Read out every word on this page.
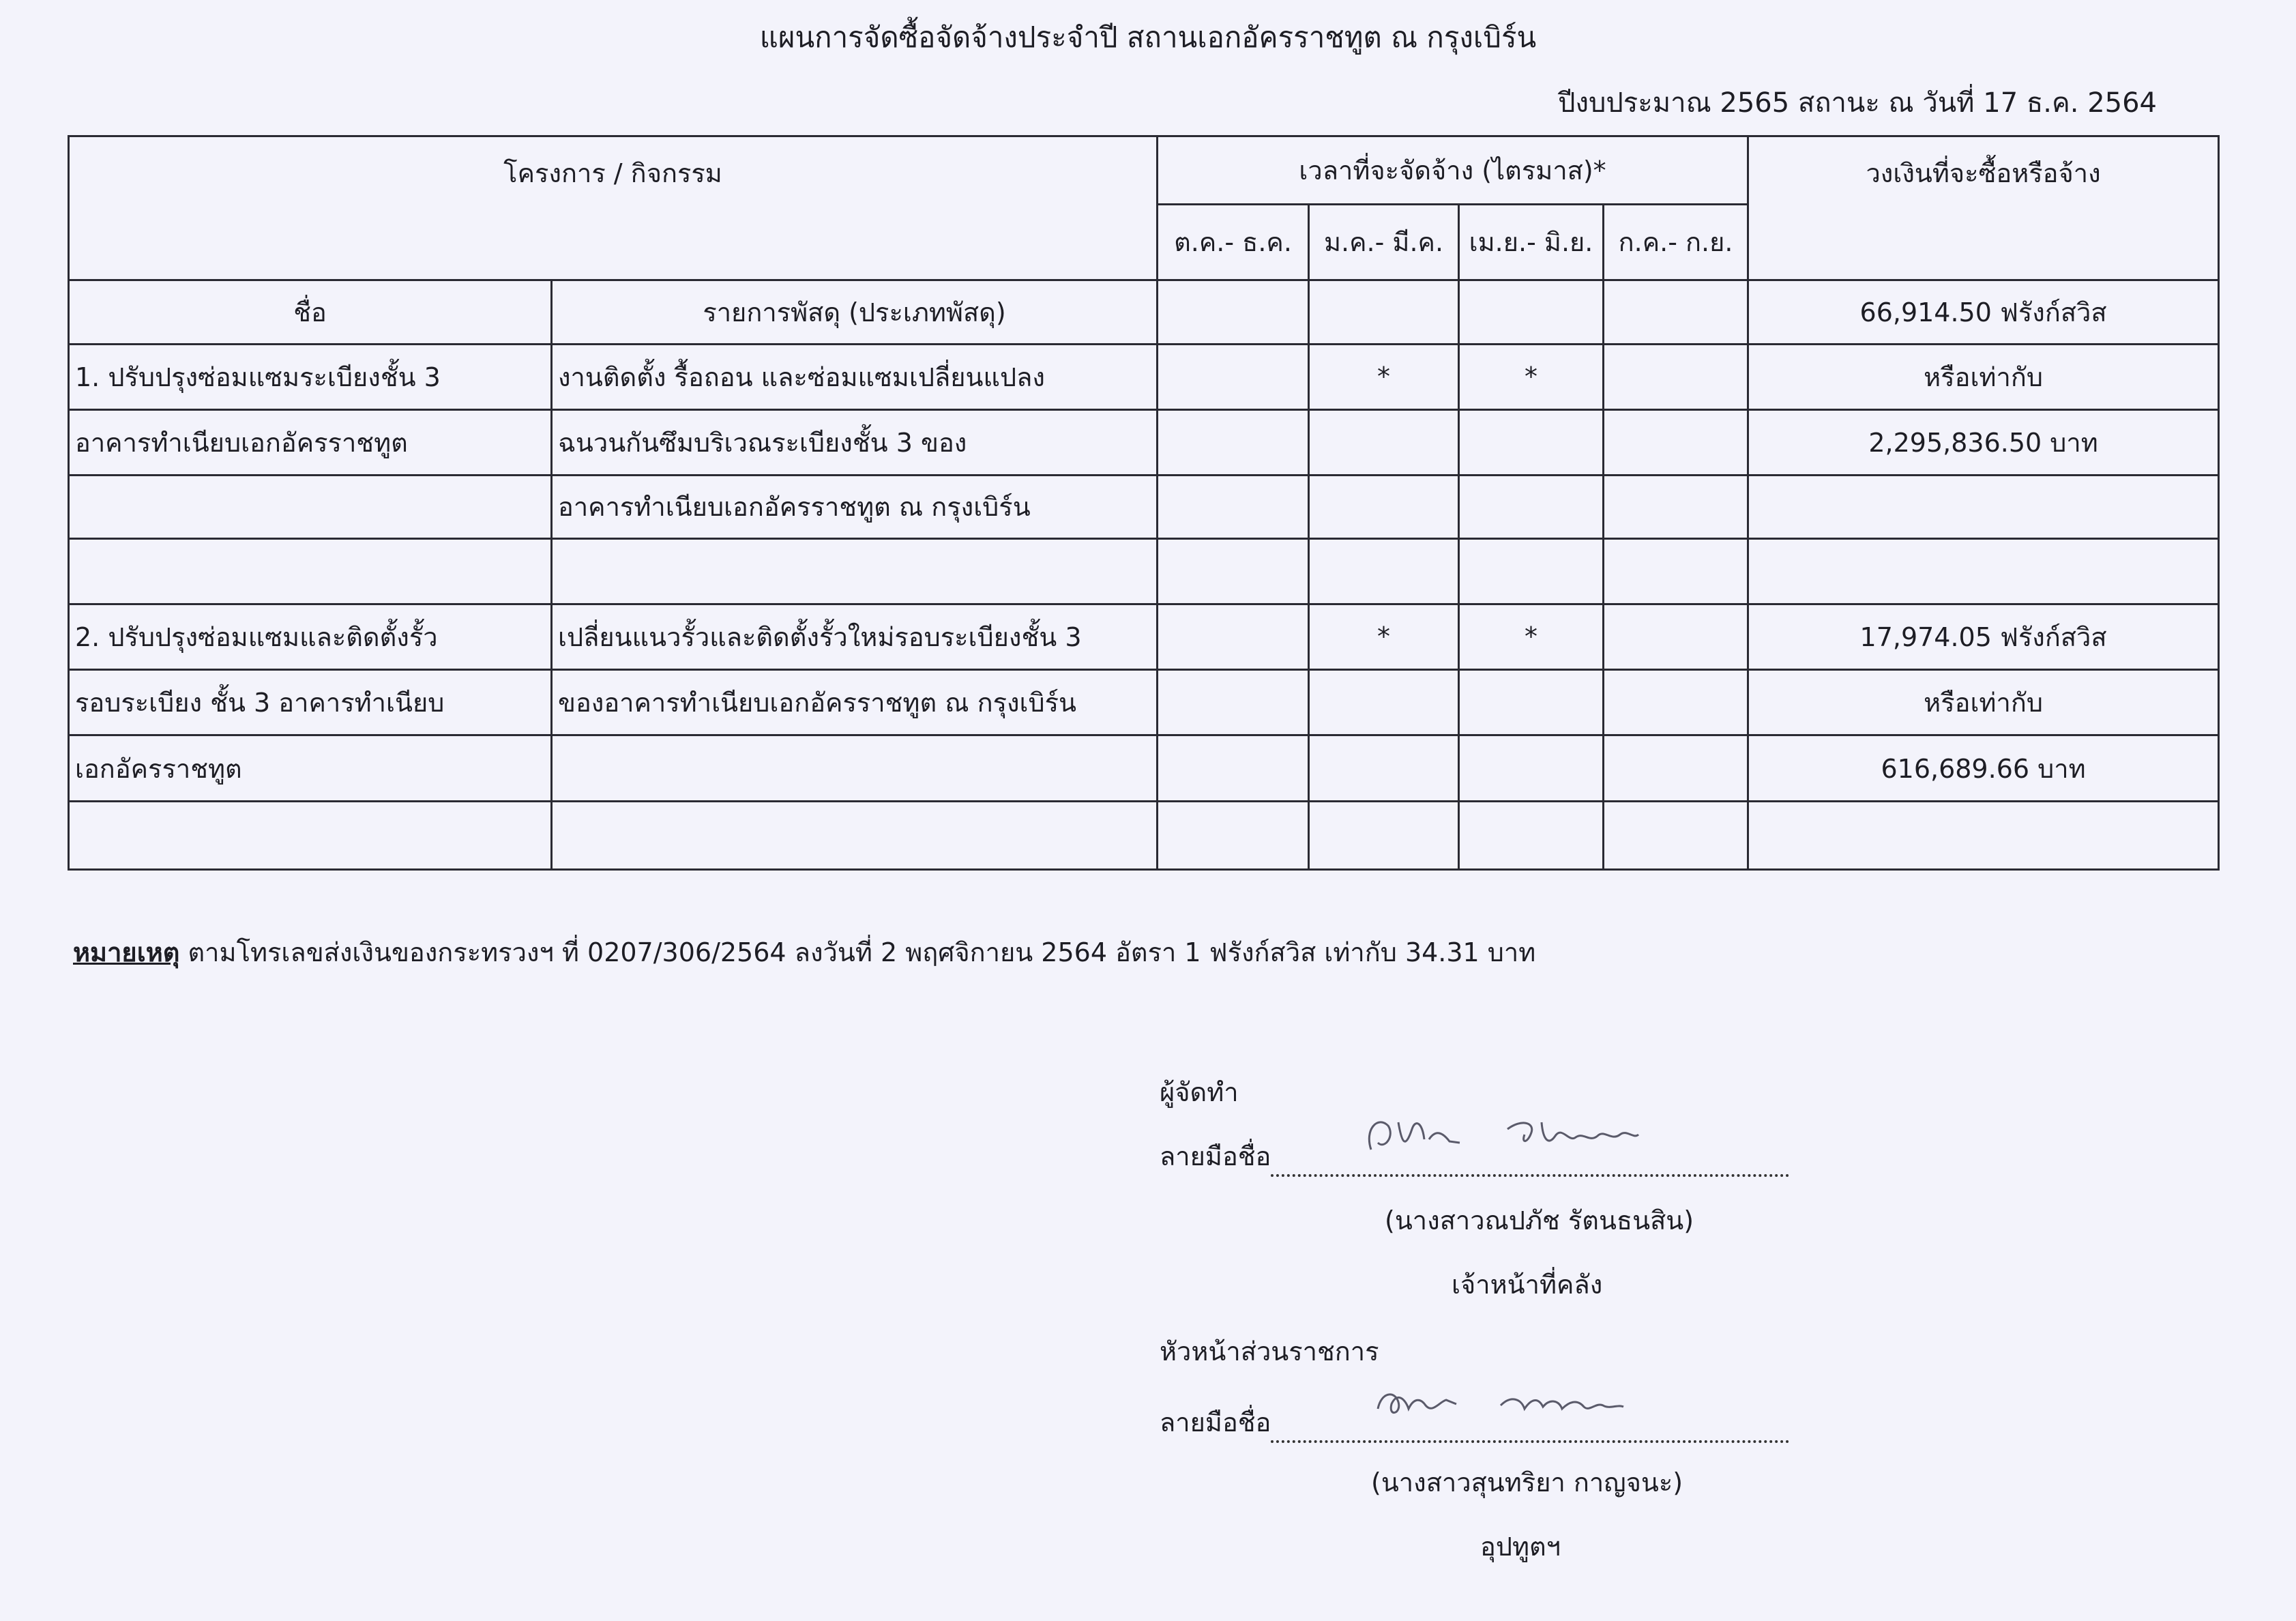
แผนการจัดซื้อจัดจ้างประจำปี สถานเอกอัครราชทูต ณ กรุงเบิร์น
ปีงบประมาณ 2565 สถานะ ณ วันที่ 17 ธ.ค. 2564
โครงการ / กิจกรรม		เวลาที่จะจัดจ้าง (ไตรมาส)*				วงเงินที่จะซื้อหรือจ้าง
		ต.ค.- ธ.ค.	ม.ค.- มี.ค.	เม.ย.- มิ.ย.	ก.ค.- ก.ย.	
ชื่อ	รายการพัสดุ (ประเภทพัสดุ)					66,914.50 ฟรังก์สวิส
1. ปรับปรุงซ่อมแซมระเบียงชั้น 3	งานติดตั้ง รื้อถอน และซ่อมแซมเปลี่ยนแปลง		*	*		หรือเท่ากับ
อาคารทำเนียบเอกอัครราชทูต	ฉนวนกันซึมบริเวณระเบียงชั้น 3 ของ					2,295,836.50 บาท
	อาคารทำเนียบเอกอัครราชทูต ณ กรุงเบิร์น					

2. ปรับปรุงซ่อมแซมและติดตั้งรั้ว	เปลี่ยนแนวรั้วและติดตั้งรั้วใหม่รอบระเบียงชั้น 3		*	*		17,974.05 ฟรังก์สวิส
รอบระเบียง ชั้น 3 อาคารทำเนียบ	ของอาคารทำเนียบเอกอัครราชทูต ณ กรุงเบิร์น					หรือเท่ากับ
เอกอัครราชทูต						616,689.66 บาท

หมายเหตุ ตามโทรเลขส่งเงินของกระทรวงฯ ที่ 0207/306/2564 ลงวันที่ 2 พฤศจิกายน 2564 อัตรา 1 ฟรังก์สวิส เท่ากับ 34.31 บาท
ผู้จัดทำ
ลายมือชื่อ
(นางสาวณปภัช รัตนธนสิน)
เจ้าหน้าที่คลัง
หัวหน้าส่วนราชการ
ลายมือชื่อ
(นางสาวสุนทริยา กาญจนะ)
อุปทูตฯ
